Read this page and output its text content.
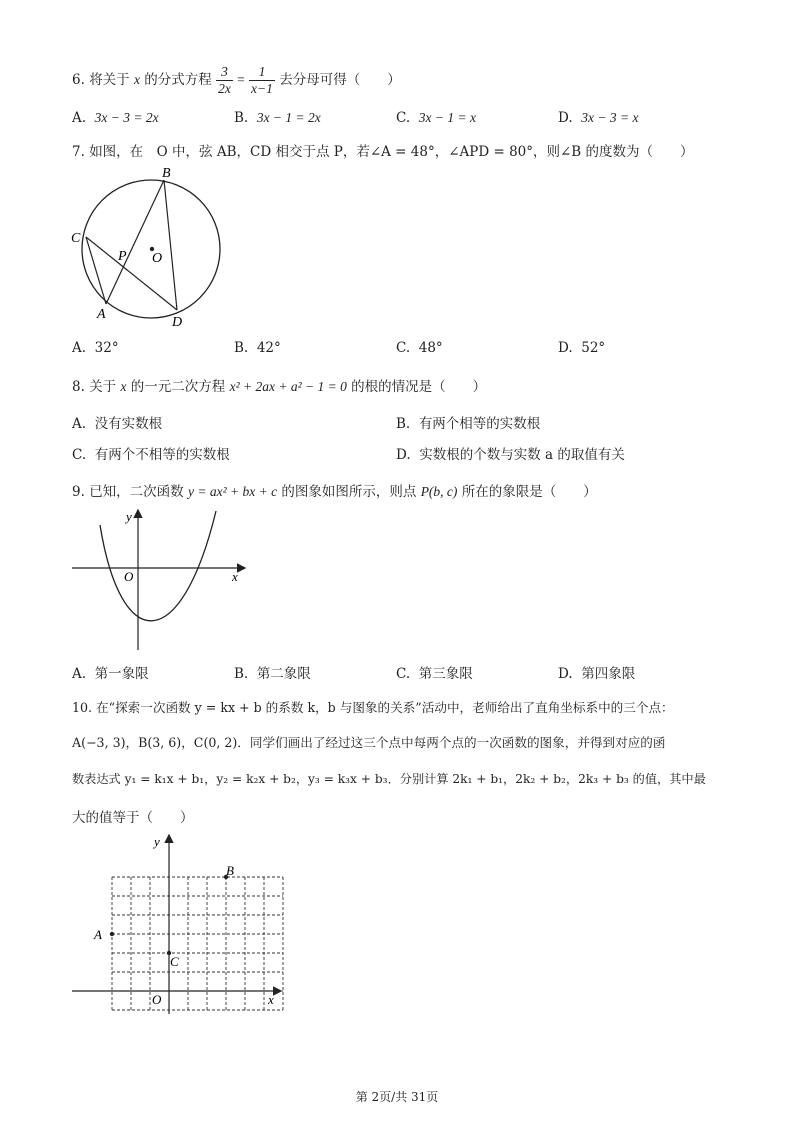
6. 将关于 x 的分式方程 $\frac{3}{2x} = \frac{1}{x-1}$ 去分母可得（　　）
A. 3x − 3 = 2x	B. 3x − 1 = 2x	C. 3x − 1 = x	D. 3x − 3 = x
7. 如图，在　O 中，弦 AB，CD 相交于点 P，若∠A = 48°，∠APD = 80°，则∠B 的度数为（　　）
B
C
P O
A
D
A. 32°	B. 42°	C. 48°	D. 52°
8. 关于 x 的一元二次方程 x² + 2ax + a² − 1 = 0 的根的情况是（　　）
A. 没有实数根	B. 有两个相等的实数根
C. 有两个不相等的实数根	D. 实数根的个数与实数 a 的取值有关
9. 已知，二次函数 y = ax² + bx + c 的图象如图所示，则点 P(b, c) 所在的象限是（　　）
y
x
O
A. 第一象限	B. 第二象限	C. 第三象限	D. 第四象限
10. 在“探索一次函数 y = kx + b 的系数 k，b 与图象的关系”活动中，老师给出了直角坐标系中的三个点：
A(−3, 3)，B(3, 6)，C(0, 2)．同学们画出了经过这三个点中每两个点的一次函数的图象，并得到对应的函
数表达式 y₁ = k₁x + b₁，y₂ = k₂x + b₂，y₃ = k₃x + b₃．分别计算 2k₁ + b₁，2k₂ + b₂，2k₃ + b₃ 的值，其中最
大的值等于（　　）
y
x
O
A
B
C
第 2页/共 31页
